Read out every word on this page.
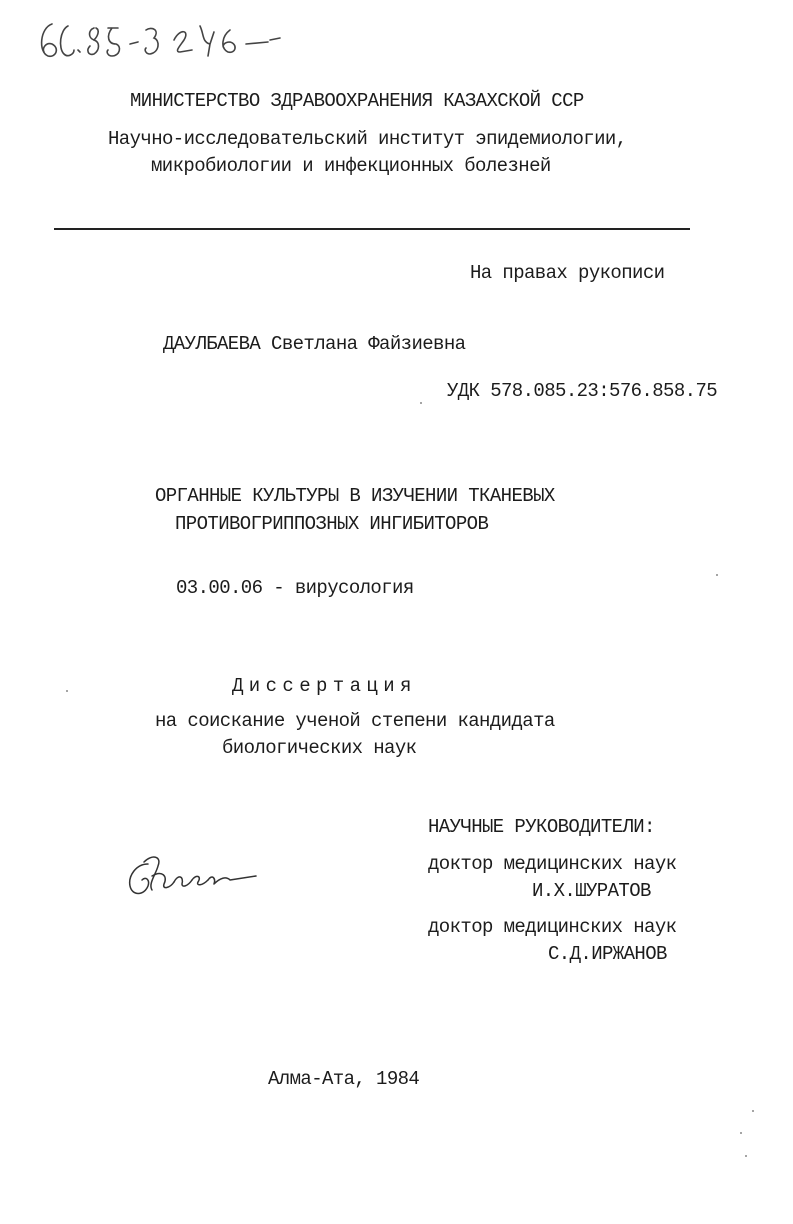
МИНИСТЕРСТВО ЗДРАВООХРАНЕНИЯ КАЗАХСКОЙ ССР
Научно-исследовательский институт эпидемиологии,
микробиологии и инфекционных болезней
На правах рукописи
ДАУЛБАЕВА Светлана Файзиевна
УДК 578.085.23:576.858.75
ОРГАННЫЕ КУЛЬТУРЫ В ИЗУЧЕНИИ ТКАНЕВЫХ
ПРОТИВОГРИППОЗНЫХ ИНГИБИТОРОВ
03.00.06 - вирусология
Диссертация
на соискание ученой степени кандидата
биологических наук
НАУЧНЫЕ РУКОВОДИТЕЛИ:
доктор медицинских наук
И.Х.ШУРАТОВ
доктор медицинских наук
С.Д.ИРЖАНОВ
Алма-Ата, 1984
